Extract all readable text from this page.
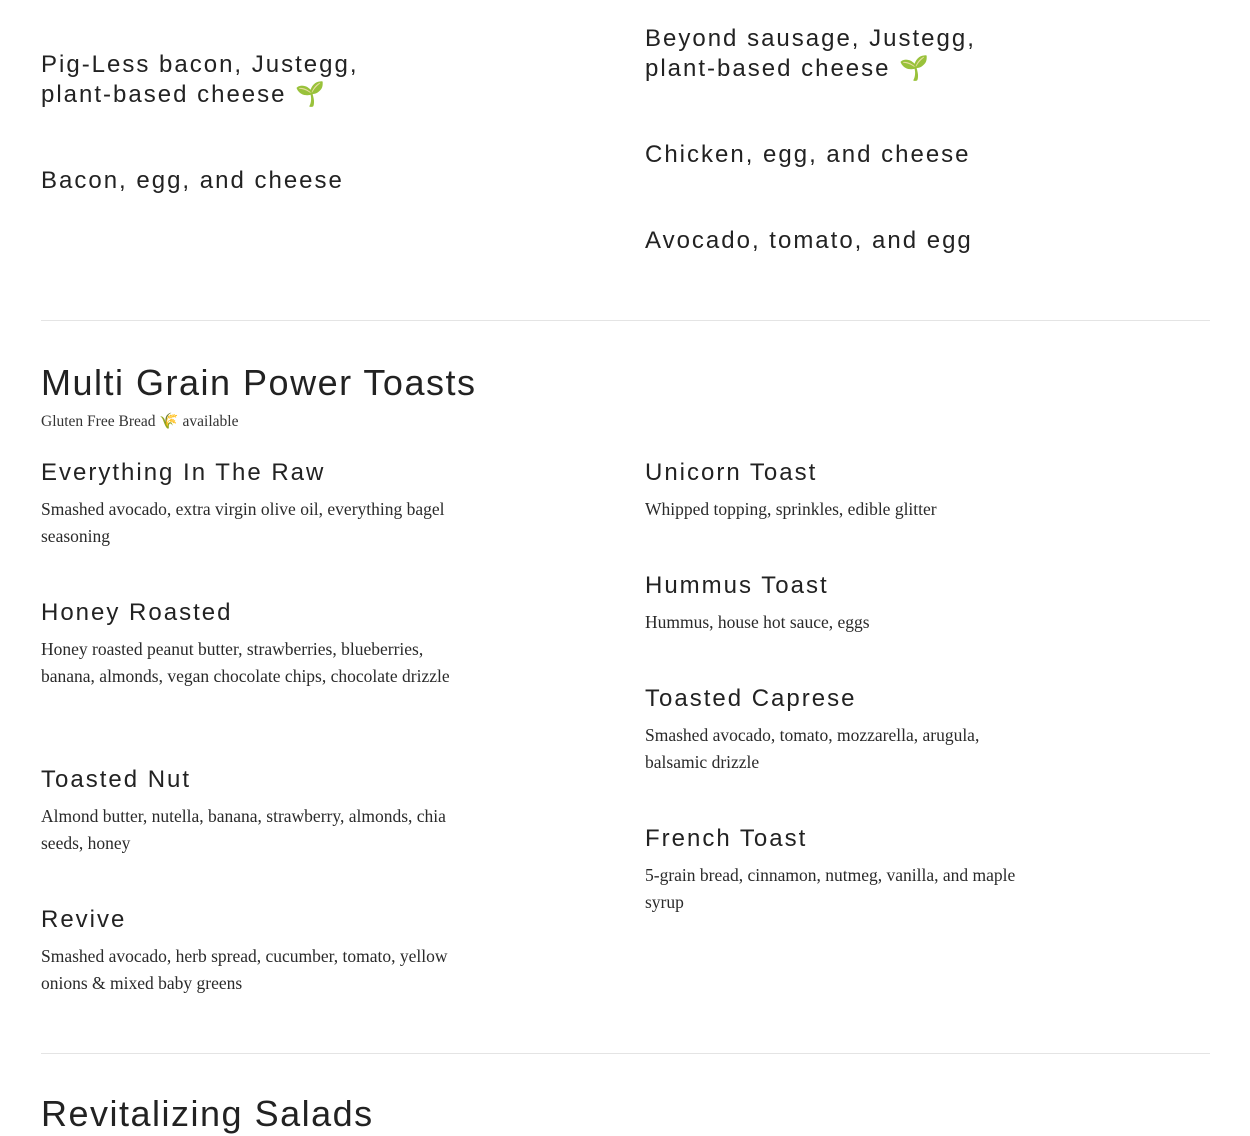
Pig-Less bacon, Justegg,
plant-based cheese 🌱
Bacon, egg, and cheese
Beyond sausage, Justegg,
plant-based cheese 🌱
Chicken, egg, and cheese
Avocado, tomato, and egg
Multi Grain Power Toasts

Gluten Free Bread 🌾 available

Everything In The Raw

Smashed avocado, extra virgin olive oil, everything bagel seasoning

Honey Roasted

Honey roasted peanut butter, strawberries, blueberries, banana, almonds, vegan chocolate chips, chocolate drizzle

Toasted Nut

Almond butter, nutella, banana, strawberry, almonds, chia seeds, honey

Revive

Smashed avocado, herb spread, cucumber, tomato, yellow onions & mixed baby greens

Unicorn Toast

Whipped topping, sprinkles, edible glitter

Hummus Toast

Hummus, house hot sauce, eggs

Toasted Caprese

Smashed avocado, tomato, mozzarella, arugula, balsamic drizzle

French Toast

5-grain bread, cinnamon, nutmeg, vanilla, and maple syrup

Revitalizing Salads
